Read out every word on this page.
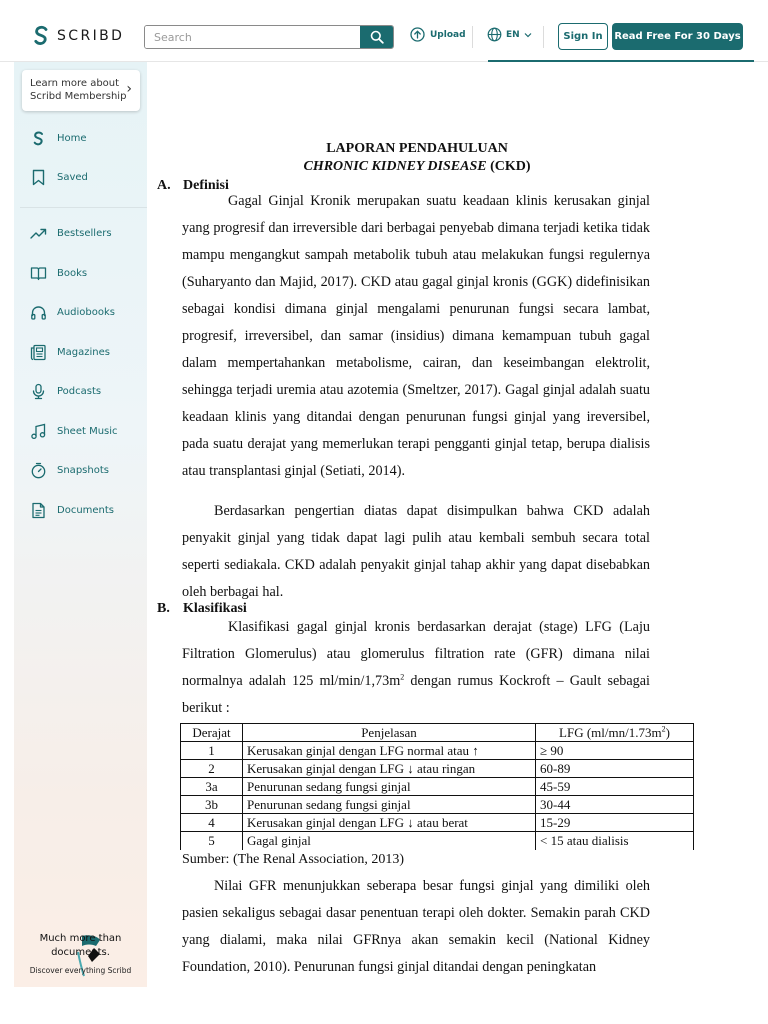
SCRIBD
Search	Upload	EN	Sign In	Read Free For 30 Days
Learn more about
Scribd Membership ›
Home
Saved
Bestsellers
Books
Audiobooks
Magazines
Podcasts
Sheet Music
Snapshots
Documents
Much more than
documents.
Discover everything Scribd
LAPORAN PENDAHULUAN
CHRONIC KIDNEY DISEASE (CKD)
A. Definisi
Gagal Ginjal Kronik merupakan suatu keadaan klinis kerusakan ginjal yang progresif dan irreversible dari berbagai penyebab dimana terjadi ketika tidak mampu mengangkut sampah metabolik tubuh atau melakukan fungsi regulernya (Suharyanto dan Majid, 2017). CKD atau gagal ginjal kronis (GGK) didefinisikan sebagai kondisi dimana ginjal mengalami penurunan fungsi secara lambat, progresif, irreversibel, dan samar (insidius) dimana kemampuan tubuh gagal dalam mempertahankan metabolisme, cairan, dan keseimbangan elektrolit, sehingga terjadi uremia atau azotemia (Smeltzer, 2017). Gagal ginjal adalah suatu keadaan klinis yang ditandai dengan penurunan fungsi ginjal yang ireversibel, pada suatu derajat yang memerlukan terapi pengganti ginjal tetap, berupa dialisis atau transplantasi ginjal (Setiati, 2014).
Berdasarkan pengertian diatas dapat disimpulkan bahwa CKD adalah penyakit ginjal yang tidak dapat lagi pulih atau kembali sembuh secara total seperti sediakala. CKD adalah penyakit ginjal tahap akhir yang dapat disebabkan oleh berbagai hal.
B. Klasifikasi
Klasifikasi gagal ginjal kronis berdasarkan derajat (stage) LFG (Laju Filtration Glomerulus) atau glomerulus filtration rate (GFR) dimana nilai normalnya adalah 125 $ml/\min/1,73m^2$ dengan rumus Kockroft – Gault sebagai berikut :
Derajat	Penjelasan	LFG $(ml/mn/1.73m^2)$
1	Kerusakan ginjal dengan LFG normal atau ↑	≥ 90
2	Kerusakan ginjal dengan LFG ↓ atau ringan	60-89
3a	Penurunan sedang fungsi ginjal	45-59
3b	Penurunan sedang fungsi ginjal	30-44
4	Kerusakan ginjal dengan LFG ↓ atau berat	15-29
5	Gagal ginjal	< 15 atau dialisis
Sumber: (The Renal Association, 2013)
Nilai GFR menunjukkan seberapa besar fungsi ginjal yang dimiliki oleh pasien sekaligus sebagai dasar penentuan terapi oleh dokter. Semakin parah CKD yang dialami, maka nilai GFRnya akan semakin kecil (National Kidney Foundation, 2010). Penurunan fungsi ginjal ditandai dengan peningkatan
